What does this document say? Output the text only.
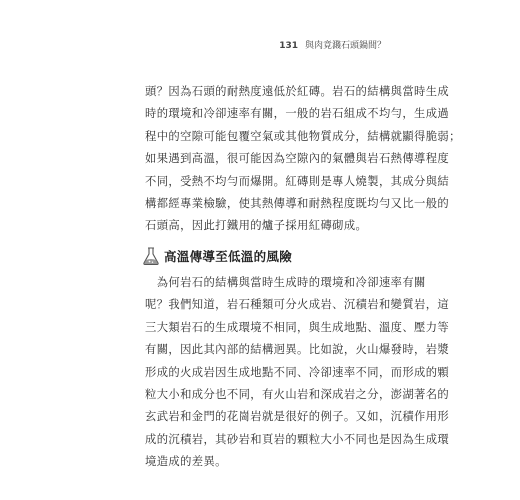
131 與肉竟濺石頭鍋間？

頭？因為石頭的耐熱度遠低於紅磚。岩石的結構與當時生成
時的環境和冷卻速率有關，一般的岩石組成不均勻，生成過
程中的空隙可能包覆空氣或其他物質成分，結構就顯得脆弱；
如果遇到高溫，很可能因為空隙內的氣體與岩石熱傳導程度
不同，受熱不均勻而爆開。紅磚則是專人燒製，其成分與結
構都經專業檢驗，使其熱傳導和耐熱程度既均勻又比一般的
石頭高，因此打鐵用的爐子採用紅磚砌成。

高溫傳導至低溫的風險

　為何岩石的結構與當時生成時的環境和冷卻速率有關
呢？我們知道，岩石種類可分火成岩、沉積岩和變質岩，這
三大類岩石的生成環境不相同，與生成地點、溫度、壓力等
有關，因此其內部的結構迥異。比如說，火山爆發時，岩漿
形成的火成岩因生成地點不同、冷卻速率不同，而形成的顆
粒大小和成分也不同，有火山岩和深成岩之分，澎湖著名的
玄武岩和金門的花崗岩就是很好的例子。又如，沉積作用形
成的沉積岩，其砂岩和頁岩的顆粒大小不同也是因為生成環
境造成的差異。
